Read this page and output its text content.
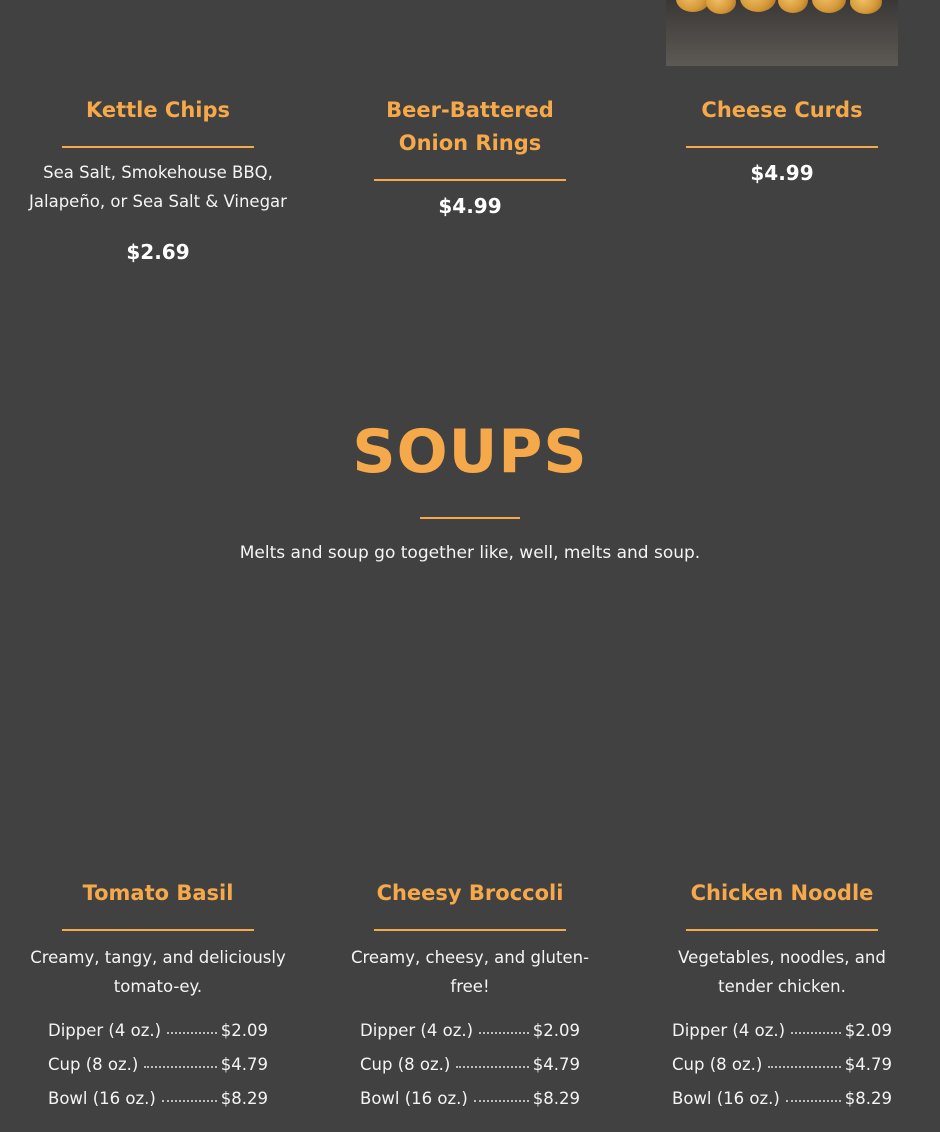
Kettle Chips
Sea Salt, Smokehouse BBQ, Jalapeño, or Sea Salt & Vinegar
$2.69
Beer-Battered Onion Rings
$4.99
Cheese Curds
$4.99
SOUPS
Melts and soup go together like, well, melts and soup.
Tomato Basil
Creamy, tangy, and deliciously tomato-ey.
Dipper (4 oz.)	$2.09
Cup (8 oz.)	$4.79
Bowl (16 oz.)	$8.29
Cheesy Broccoli
Creamy, cheesy, and gluten-free!
Dipper (4 oz.)	$2.09
Cup (8 oz.)	$4.79
Bowl (16 oz.)	$8.29
Chicken Noodle
Vegetables, noodles, and tender chicken.
Dipper (4 oz.)	$2.09
Cup (8 oz.)	$4.79
Bowl (16 oz.)	$8.29
